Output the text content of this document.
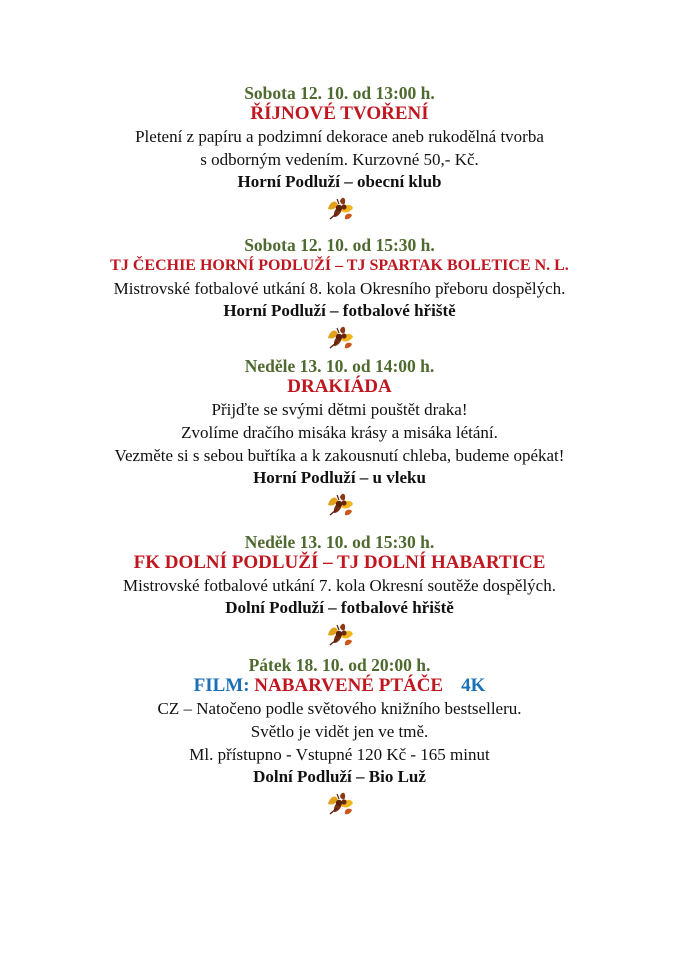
Sobota 12. 10. od 13:00 h.
ŘÍJNOVÉ TVOŘENÍ
Pletení z papíru a podzimní dekorace aneb rukodělná tvorba
s odborným vedením. Kurzovné 50,- Kč.
Horní Podluží – obecní klub
Sobota 12. 10. od 15:30 h.
TJ ČECHIE HORNÍ PODLUŽÍ – TJ SPARTAK BOLETICE N. L.
Mistrovské fotbalové utkání 8. kola Okresního přeboru dospělých.
Horní Podluží – fotbalové hřiště
Neděle 13. 10. od 14:00 h.
DRAKIÁDA
Přijďte se svými dětmi pouštět draka!
Zvolíme dračího misáka krásy a misáka létání.
Vezměte si s sebou buřtíka a k zakousnutí chleba, budeme opékat!
Horní Podluží – u vleku
Neděle 13. 10. od 15:30 h.
FK DOLNÍ PODLUŽÍ – TJ DOLNÍ HABARTICE
Mistrovské fotbalové utkání 7. kola Okresní soutěže dospělých.
Dolní Podluží – fotbalové hřiště
Pátek 18. 10. od 20:00 h.
FILM: NABARVENÉ PTÁČE 4K
CZ – Natočeno podle světového knižního bestselleru.
Světlo je vidět jen ve tmě.
Ml. přístupno - Vstupné 120 Kč - 165 minut
Dolní Podluží – Bio Luž
